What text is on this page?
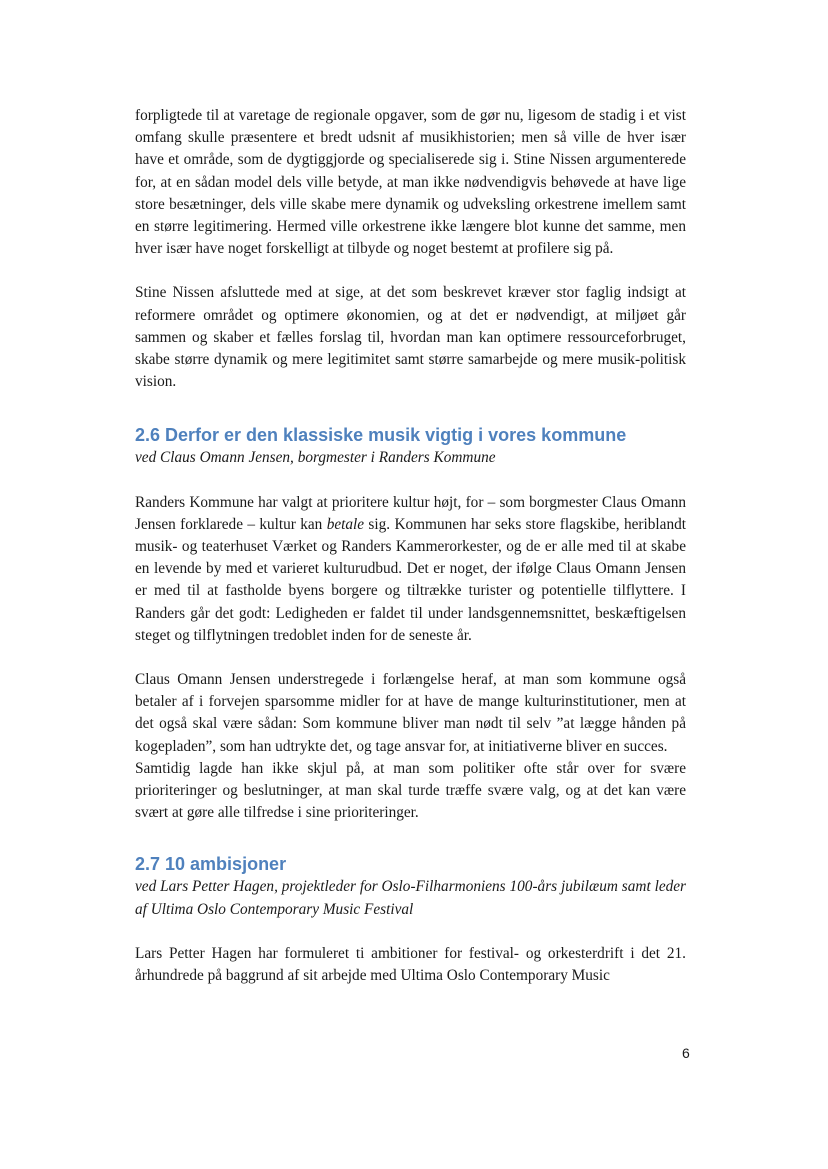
forpligtede til at varetage de regionale opgaver, som de gør nu, ligesom de stadig i et vist omfang skulle præsentere et bredt udsnit af musikhistorien; men så ville de hver især have et område, som de dygtiggjorde og specialiserede sig i. Stine Nissen argumenterede for, at en sådan model dels ville betyde, at man ikke nødvendigvis behøvede at have lige store besætninger, dels ville skabe mere dynamik og udveksling orkestrene imellem samt en større legitimering. Hermed ville orkestrene ikke længere blot kunne det samme, men hver især have noget forskelligt at tilbyde og noget bestemt at profilere sig på.

Stine Nissen afsluttede med at sige, at det som beskrevet kræver stor faglig indsigt at reformere området og optimere økonomien, og at det er nødvendigt, at miljøet går sammen og skaber et fælles forslag til, hvordan man kan optimere ressourceforbruget, skabe større dynamik og mere legitimitet samt større samarbejde og mere musik-politisk vision.

2.6 Derfor er den klassiske musik vigtig i vores kommune

ved Claus Omann Jensen, borgmester i Randers Kommune

Randers Kommune har valgt at prioritere kultur højt, for – som borgmester Claus Omann Jensen forklarede – kultur kan betale sig. Kommunen har seks store flagskibe, heriblandt musik- og teaterhuset Værket og Randers Kammerorkester, og de er alle med til at skabe en levende by med et varieret kulturudbud. Det er noget, der ifølge Claus Omann Jensen er med til at fastholde byens borgere og tiltrække turister og potentielle tilflyttere. I Randers går det godt: Ledigheden er faldet til under landsgennemsnittet, beskæftigelsen steget og tilflytningen tredoblet inden for de seneste år.

Claus Omann Jensen understregede i forlængelse heraf, at man som kommune også betaler af i forvejen sparsomme midler for at have de mange kulturinstitutioner, men at det også skal være sådan: Som kommune bliver man nødt til selv ”at lægge hånden på kogepladen”, som han udtrykte det, og tage ansvar for, at initiativerne bliver en succes.

Samtidig lagde han ikke skjul på, at man som politiker ofte står over for svære prioriteringer og beslutninger, at man skal turde træffe svære valg, og at det kan være svært at gøre alle tilfredse i sine prioriteringer.

2.7 10 ambisjoner

ved Lars Petter Hagen, projektleder for Oslo-Filharmoniens 100-års jubilæum samt leder af Ultima Oslo Contemporary Music Festival

Lars Petter Hagen har formuleret ti ambitioner for festival- og orkesterdrift i det 21. århundrede på baggrund af sit arbejde med Ultima Oslo Contemporary Music

6
